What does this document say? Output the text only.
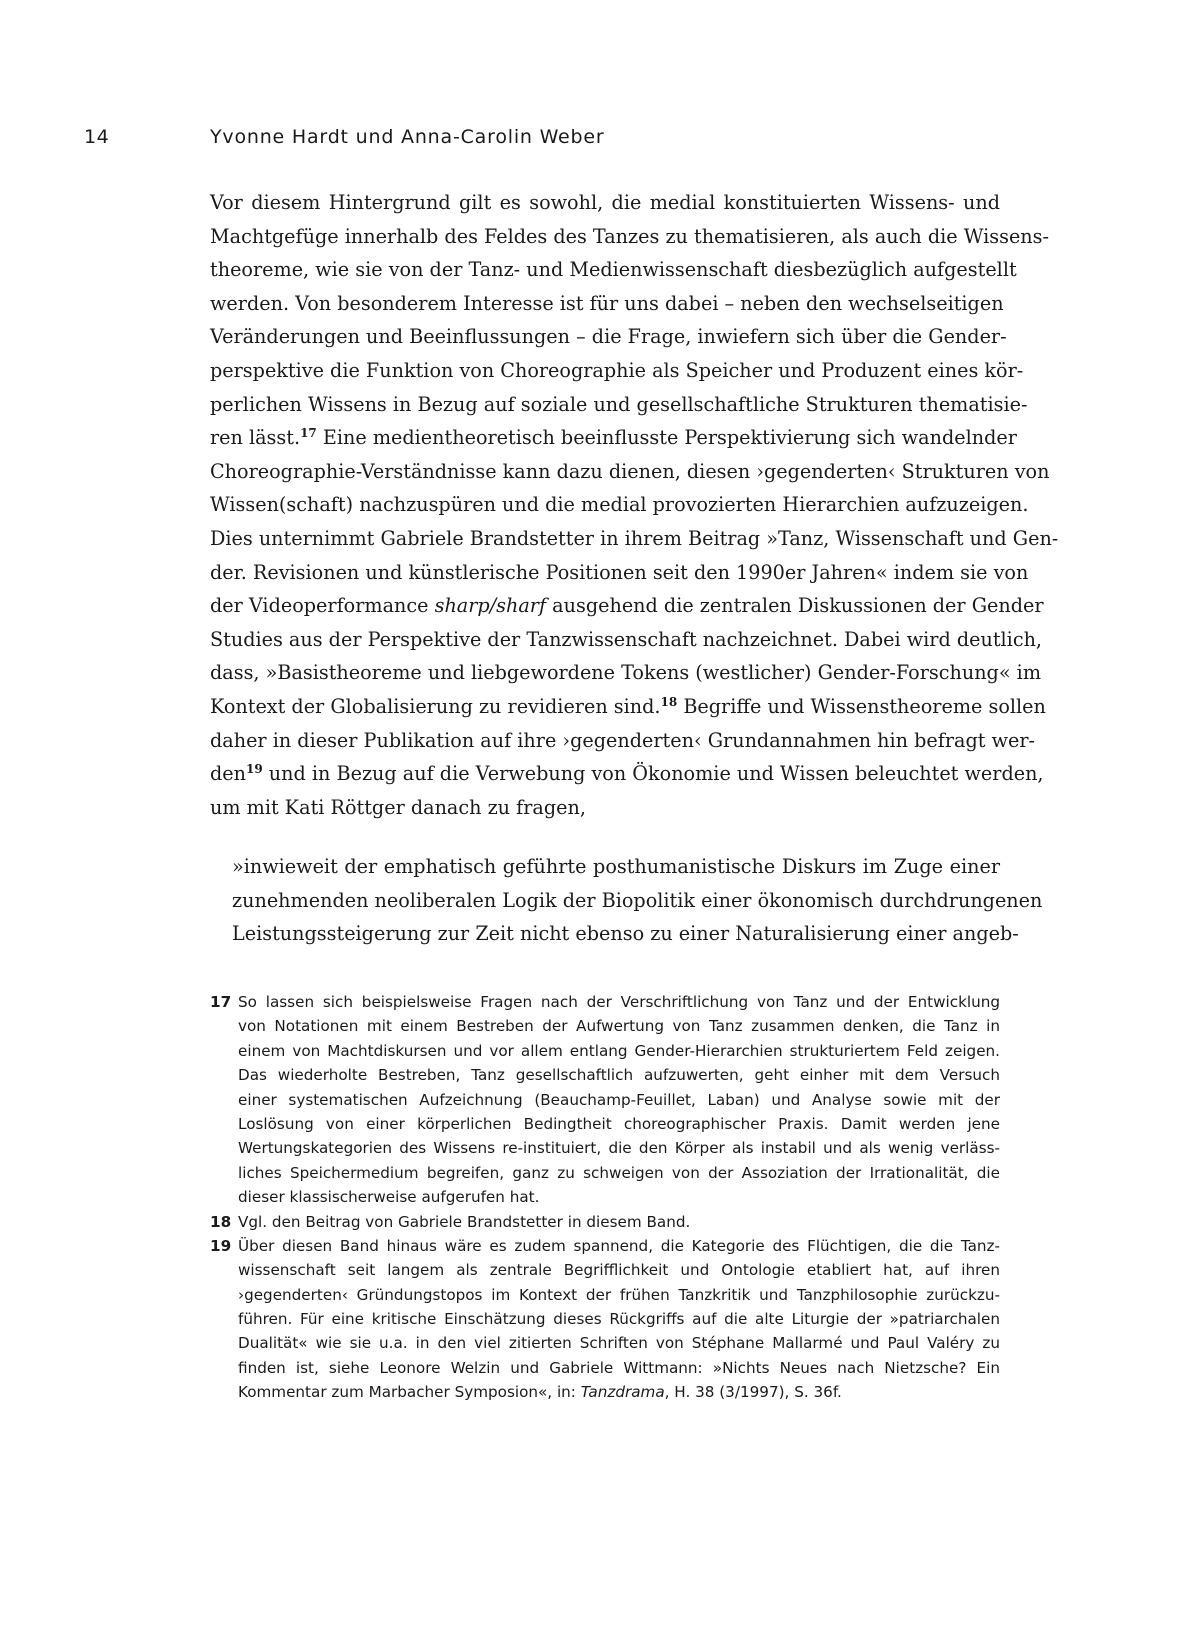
14	Yvonne Hardt und Anna-Carolin Weber
Vor diesem Hintergrund gilt es sowohl, die medial konstituierten Wissens- und
Machtgefüge innerhalb des Feldes des Tanzes zu thematisieren, als auch die Wissens-
theoreme, wie sie von der Tanz- und Medienwissenschaft diesbezüglich aufgestellt
werden. Von besonderem Interesse ist für uns dabei – neben den wechselseitigen
Veränderungen und Beeinflussungen – die Frage, inwiefern sich über die Gender-
perspektive die Funktion von Choreographie als Speicher und Produzent eines kör-
perlichen Wissens in Bezug auf soziale und gesellschaftliche Strukturen thematisie-
ren lässt.$^{17}$ Eine medientheoretisch beeinflusste Perspektivierung sich wandelnder
Choreographie-Verständnisse kann dazu dienen, diesen ›gegenderten‹ Strukturen von
Wissen(schaft) nachzuspüren und die medial provozierten Hierarchien aufzuzeigen.
Dies unternimmt Gabriele Brandstetter in ihrem Beitrag »Tanz, Wissenschaft und Gen-
der. Revisionen und künstlerische Positionen seit den 1990er Jahren« indem sie von
der Videoperformance sharp/sharf ausgehend die zentralen Diskussionen der Gender
Studies aus der Perspektive der Tanzwissenschaft nachzeichnet. Dabei wird deutlich,
dass, »Basistheoreme und liebgewordene Tokens (westlicher) Gender-Forschung« im
Kontext der Globalisierung zu revidieren sind.$^{18}$ Begriffe und Wissenstheoreme sollen
daher in dieser Publikation auf ihre ›gegenderten‹ Grundannahmen hin befragt wer-
den$^{19}$ und in Bezug auf die Verwebung von Ökonomie und Wissen beleuchtet werden,
um mit Kati Röttger danach zu fragen,
»inwieweit der emphatisch geführte posthumanistische Diskurs im Zuge einer
zunehmenden neoliberalen Logik der Biopolitik einer ökonomisch durchdrungenen
Leistungssteigerung zur Zeit nicht ebenso zu einer Naturalisierung einer angeb-
17 So lassen sich beispielsweise Fragen nach der Verschriftlichung von Tanz und der Entwicklung
von Notationen mit einem Bestreben der Aufwertung von Tanz zusammen denken, die Tanz in
einem von Machtdiskursen und vor allem entlang Gender-Hierarchien strukturiertem Feld zeigen.
Das wiederholte Bestreben, Tanz gesellschaftlich aufzuwerten, geht einher mit dem Versuch
einer systematischen Aufzeichnung (Beauchamp-Feuillet, Laban) und Analyse sowie mit der
Loslösung von einer körperlichen Bedingtheit choreographischer Praxis. Damit werden jene
Wertungskategorien des Wissens re-instituiert, die den Körper als instabil und als wenig verläss-
liches Speichermedium begreifen, ganz zu schweigen von der Assoziation der Irrationalität, die
dieser klassischerweise aufgerufen hat.
18 Vgl. den Beitrag von Gabriele Brandstetter in diesem Band.
19 Über diesen Band hinaus wäre es zudem spannend, die Kategorie des Flüchtigen, die die Tanz-
wissenschaft seit langem als zentrale Begrifflichkeit und Ontologie etabliert hat, auf ihren
›gegenderten‹ Gründungstopos im Kontext der frühen Tanzkritik und Tanzphilosophie zurückzu-
führen. Für eine kritische Einschätzung dieses Rückgriffs auf die alte Liturgie der »patriarchalen
Dualität« wie sie u.a. in den viel zitierten Schriften von Stéphane Mallarmé und Paul Valéry zu
finden ist, siehe Leonore Welzin und Gabriele Wittmann: »Nichts Neues nach Nietzsche? Ein
Kommentar zum Marbacher Symposion«, in: Tanzdrama, H. 38 (3/1997), S. 36f.
